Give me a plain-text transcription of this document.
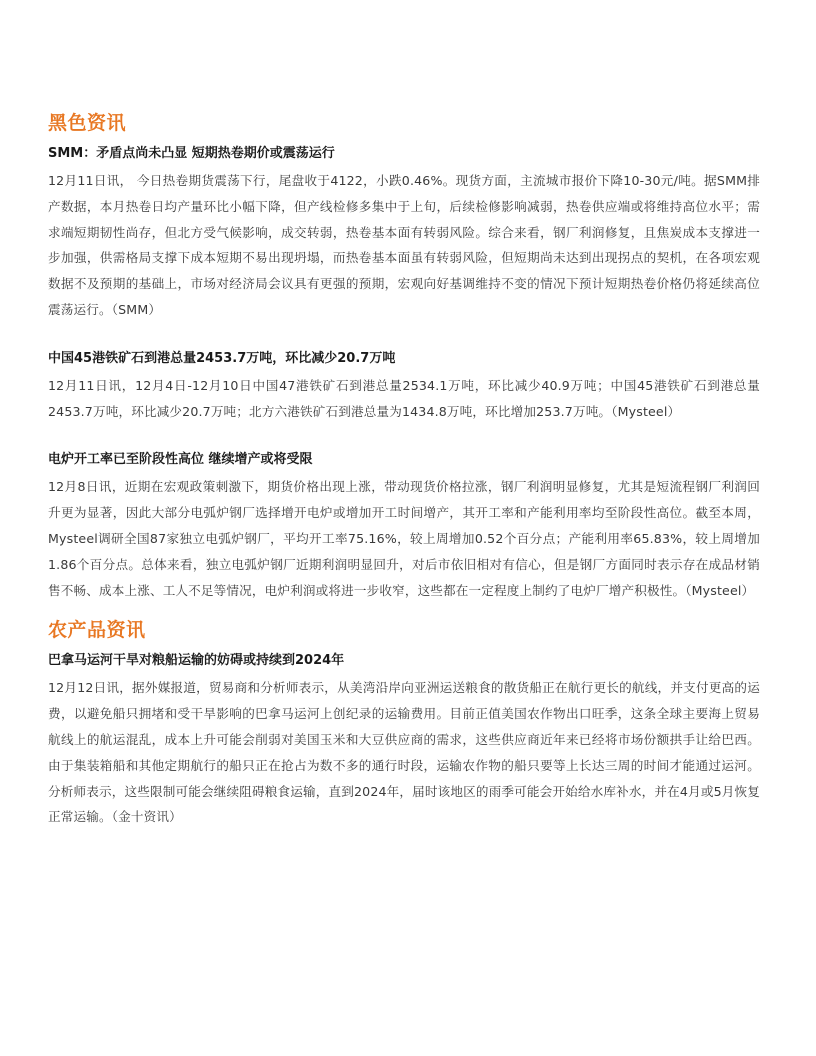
黑色资讯
SMM：矛盾点尚未凸显 短期热卷期价或震荡运行

12月11日讯， 今日热卷期货震荡下行，尾盘收于4122，小跌0.46%。现货方面，主流城市报价下降10-30元/吨。据SMM排产数据，本月热卷日均产量环比小幅下降，但产线检修多集中于上旬，后续检修影响减弱，热卷供应端或将维持高位水平；需求端短期韧性尚存，但北方受气候影响，成交转弱，热卷基本面有转弱风险。综合来看，钢厂利润修复，且焦炭成本支撑进一步加强，供需格局支撑下成本短期不易出现坍塌，而热卷基本面虽有转弱风险，但短期尚未达到出现拐点的契机，在各项宏观数据不及预期的基础上，市场对经济局会议具有更强的预期，宏观向好基调维持不变的情况下预计短期热卷价格仍将延续高位震荡运行。（SMM）

中国45港铁矿石到港总量2453.7万吨，环比减少20.7万吨

12月11日讯，12月4日-12月10日中国47港铁矿石到港总量2534.1万吨，环比减少40.9万吨；中国45港铁矿石到港总量2453.7万吨，环比减少20.7万吨；北方六港铁矿石到港总量为1434.8万吨，环比增加253.7万吨。（Mysteel）

电炉开工率已至阶段性高位 继续增产或将受限

12月8日讯，近期在宏观政策刺激下，期货价格出现上涨，带动现货价格拉涨，钢厂利润明显修复，尤其是短流程钢厂利润回升更为显著，因此大部分电弧炉钢厂选择增开电炉或增加开工时间增产，其开工率和产能利用率均至阶段性高位。截至本周，Mysteel调研全国87家独立电弧炉钢厂，平均开工率75.16%，较上周增加0.52个百分点；产能利用率65.83%，较上周增加1.86个百分点。总体来看，独立电弧炉钢厂近期利润明显回升，对后市依旧相对有信心，但是钢厂方面同时表示存在成品材销售不畅、成本上涨、工人不足等情况，电炉利润或将进一步收窄，这些都在一定程度上制约了电炉厂增产积极性。（Mysteel）

农产品资讯
巴拿马运河干旱对粮船运输的妨碍或持续到2024年

12月12日讯，据外媒报道，贸易商和分析师表示，从美湾沿岸向亚洲运送粮食的散货船正在航行更长的航线，并支付更高的运费，以避免船只拥堵和受干旱影响的巴拿马运河上创纪录的运输费用。目前正值美国农作物出口旺季，这条全球主要海上贸易航线上的航运混乱，成本上升可能会削弱对美国玉米和大豆供应商的需求，这些供应商近年来已经将市场份额拱手让给巴西。由于集装箱船和其他定期航行的船只正在抢占为数不多的通行时段，运输农作物的船只要等上长达三周的时间才能通过运河。分析师表示，这些限制可能会继续阻碍粮食运输，直到2024年，届时该地区的雨季可能会开始给水库补水，并在4月或5月恢复正常运输。（金十资讯）
